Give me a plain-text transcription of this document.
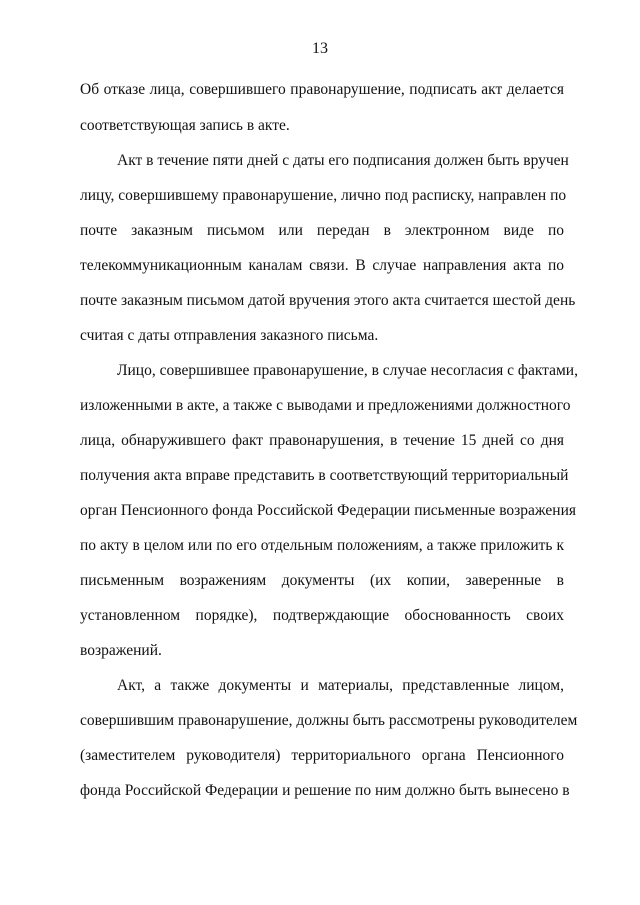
13
Об отказе лица, совершившего правонарушение, подписать акт делается
соответствующая запись в акте.
Акт в течение пяти дней с даты его подписания должен быть вручен
лицу, совершившему правонарушение, лично под расписку, направлен по
почте заказным письмом или передан в электронном виде по
телекоммуникационным каналам связи. В случае направления акта по
почте заказным письмом датой вручения этого акта считается шестой день
считая с даты отправления заказного письма.
Лицо, совершившее правонарушение, в случае несогласия с фактами,
изложенными в акте, а также с выводами и предложениями должностного
лица, обнаружившего факт правонарушения, в течение 15 дней со дня
получения акта вправе представить в соответствующий территориальный
орган Пенсионного фонда Российской Федерации письменные возражения
по акту в целом или по его отдельным положениям, а также приложить к
письменным возражениям документы (их копии, заверенные в
установленном порядке), подтверждающие обоснованность своих
возражений.
Акт, а также документы и материалы, представленные лицом,
совершившим правонарушение, должны быть рассмотрены руководителем
(заместителем руководителя) территориального органа Пенсионного
фонда Российской Федерации и решение по ним должно быть вынесено в
